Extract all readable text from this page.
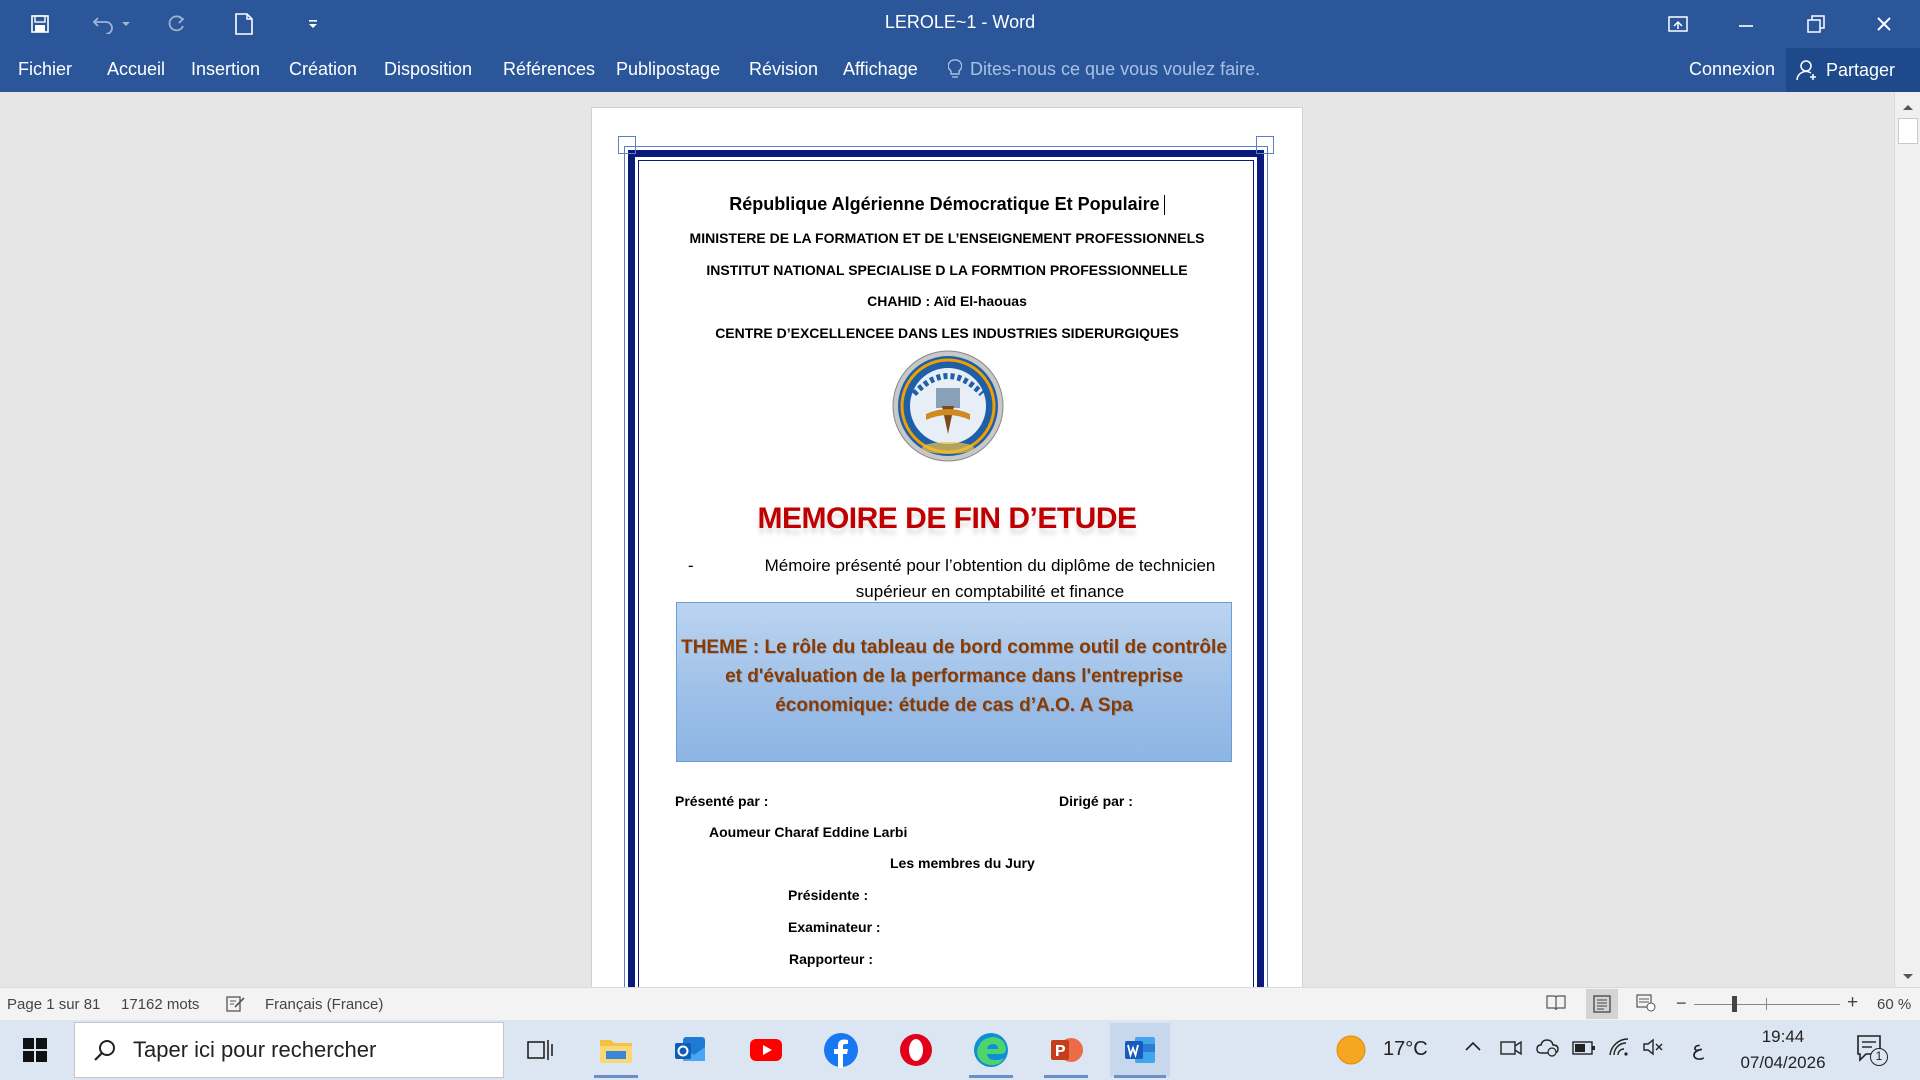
LEROLE~1 - Word
Fichier Accueil Insertion Création Disposition Références Publipostage Révision Affichage	Dites-nous ce que vous voulez faire.	Connexion	Partager
République Algérienne Démocratique Et Populaire
MINISTERE DE LA FORMATION ET DE L’ENSEIGNEMENT PROFESSIONNELS
INSTITUT NATIONAL SPECIALISE D LA FORMTION PROFESSIONNELLE
CHAHID : Aïd El-haouas
CENTRE D’EXCELLENCEE DANS LES INDUSTRIES SIDERURGIQUES
MEMOIRE DE FIN D’ETUDE
-	Mémoire présenté pour l’obtention du diplôme de technicien
supérieur en comptabilité et finance
THEME : Le rôle du tableau de bord comme outil de contrôle
et d'évaluation de la performance dans l'entreprise
économique: étude de cas d’A.O. A Spa
Présenté par :	Dirigé par :
Aoumeur Charaf Eddine Larbi
Les membres du Jury
Présidente :
Examinateur :
Rapporteur :
Page 1 sur 81 17162 mots	Français (France)	−	+ 60 %
Taper ici pour rechercher	17°C	ع
19:44
07/04/2026	1
